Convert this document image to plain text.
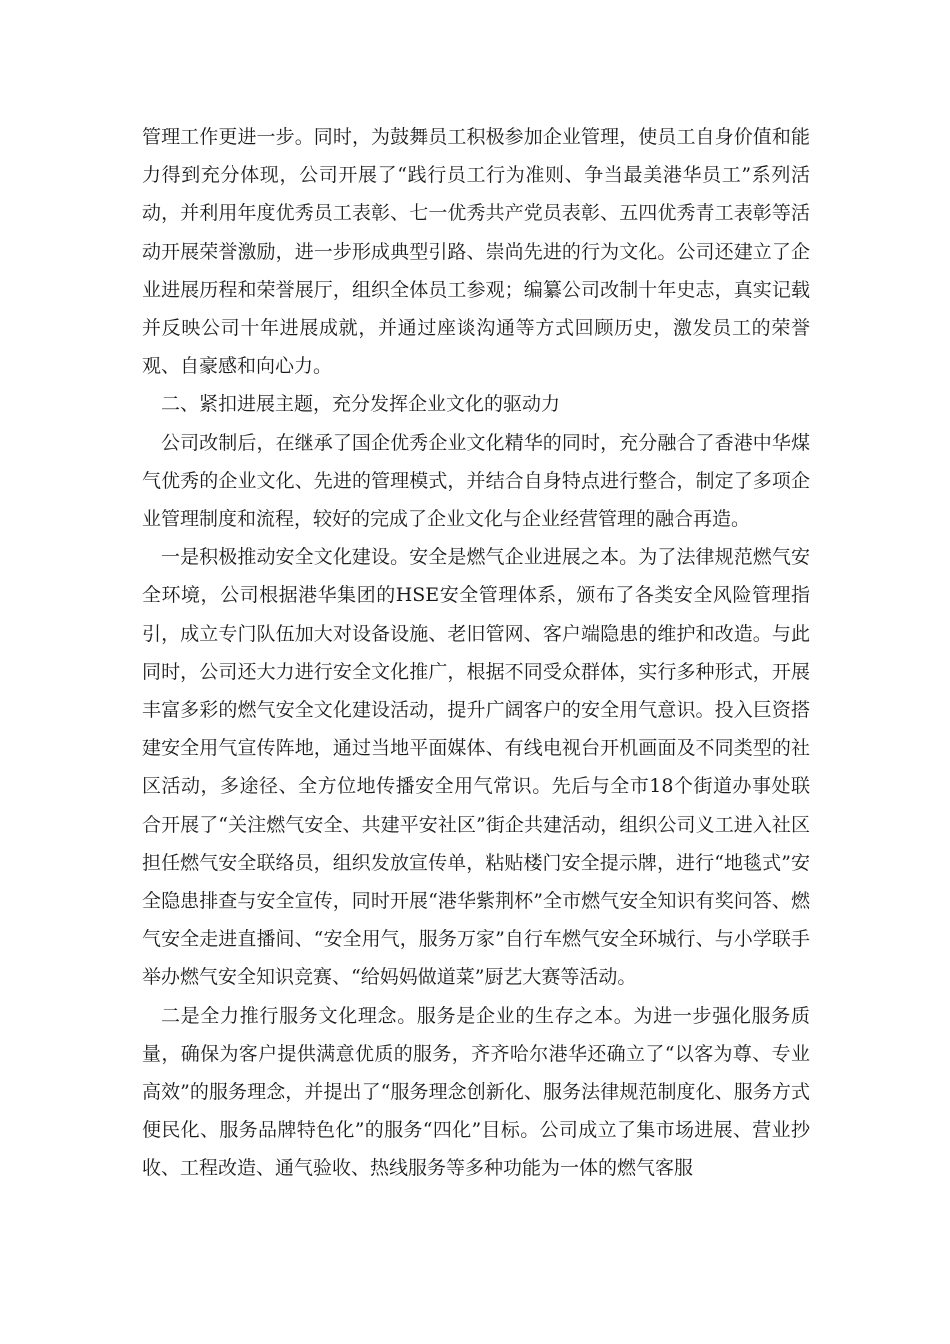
管理工作更进一步。同时，为鼓舞员工积极参加企业管理，使员工自身价值和能力得到充分体现，公司开展了“践行员工行为准则、争当最美港华员工”系列活动，并利用年度优秀员工表彰、七一优秀共产党员表彰、五四优秀青工表彰等活动开展荣誉激励，进一步形成典型引路、崇尚先进的行为文化。公司还建立了企业进展历程和荣誉展厅，组织全体员工参观；编纂公司改制十年史志，真实记载并反映公司十年进展成就，并通过座谈沟通等方式回顾历史，激发员工的荣誉观、自豪感和向心力。

二、紧扣进展主题，充分发挥企业文化的驱动力

公司改制后，在继承了国企优秀企业文化精华的同时，充分融合了香港中华煤气优秀的企业文化、先进的管理模式，并结合自身特点进行整合，制定了多项企业管理制度和流程，较好的完成了企业文化与企业经营管理的融合再造。

一是积极推动安全文化建设。安全是燃气企业进展之本。为了法律规范燃气安全环境，公司根据港华集团的HSE安全管理体系，颁布了各类安全风险管理指引，成立专门队伍加大对设备设施、老旧管网、客户端隐患的维护和改造。与此同时，公司还大力进行安全文化推广，根据不同受众群体，实行多种形式，开展丰富多彩的燃气安全文化建设活动，提升广阔客户的安全用气意识。投入巨资搭建安全用气宣传阵地，通过当地平面媒体、有线电视台开机画面及不同类型的社区活动，多途径、全方位地传播安全用气常识。先后与全市18个街道办事处联合开展了“关注燃气安全、共建平安社区”街企共建活动，组织公司义工进入社区担任燃气安全联络员，组织发放宣传单，粘贴楼门安全提示牌，进行“地毯式”安全隐患排查与安全宣传，同时开展“港华紫荆杯”全市燃气安全知识有奖问答、燃气安全走进直播间、“安全用气，服务万家”自行车燃气安全环城行、与小学联手举办燃气安全知识竞赛、“给妈妈做道菜”厨艺大赛等活动。

二是全力推行服务文化理念。服务是企业的生存之本。为进一步强化服务质量，确保为客户提供满意优质的服务，齐齐哈尔港华还确立了“以客为尊、专业高效”的服务理念，并提出了“服务理念创新化、服务法律规范制度化、服务方式便民化、服务品牌特色化”的服务“四化”目标。公司成立了集市场进展、营业抄收、工程改造、通气验收、热线服务等多种功能为一体的燃气客服
